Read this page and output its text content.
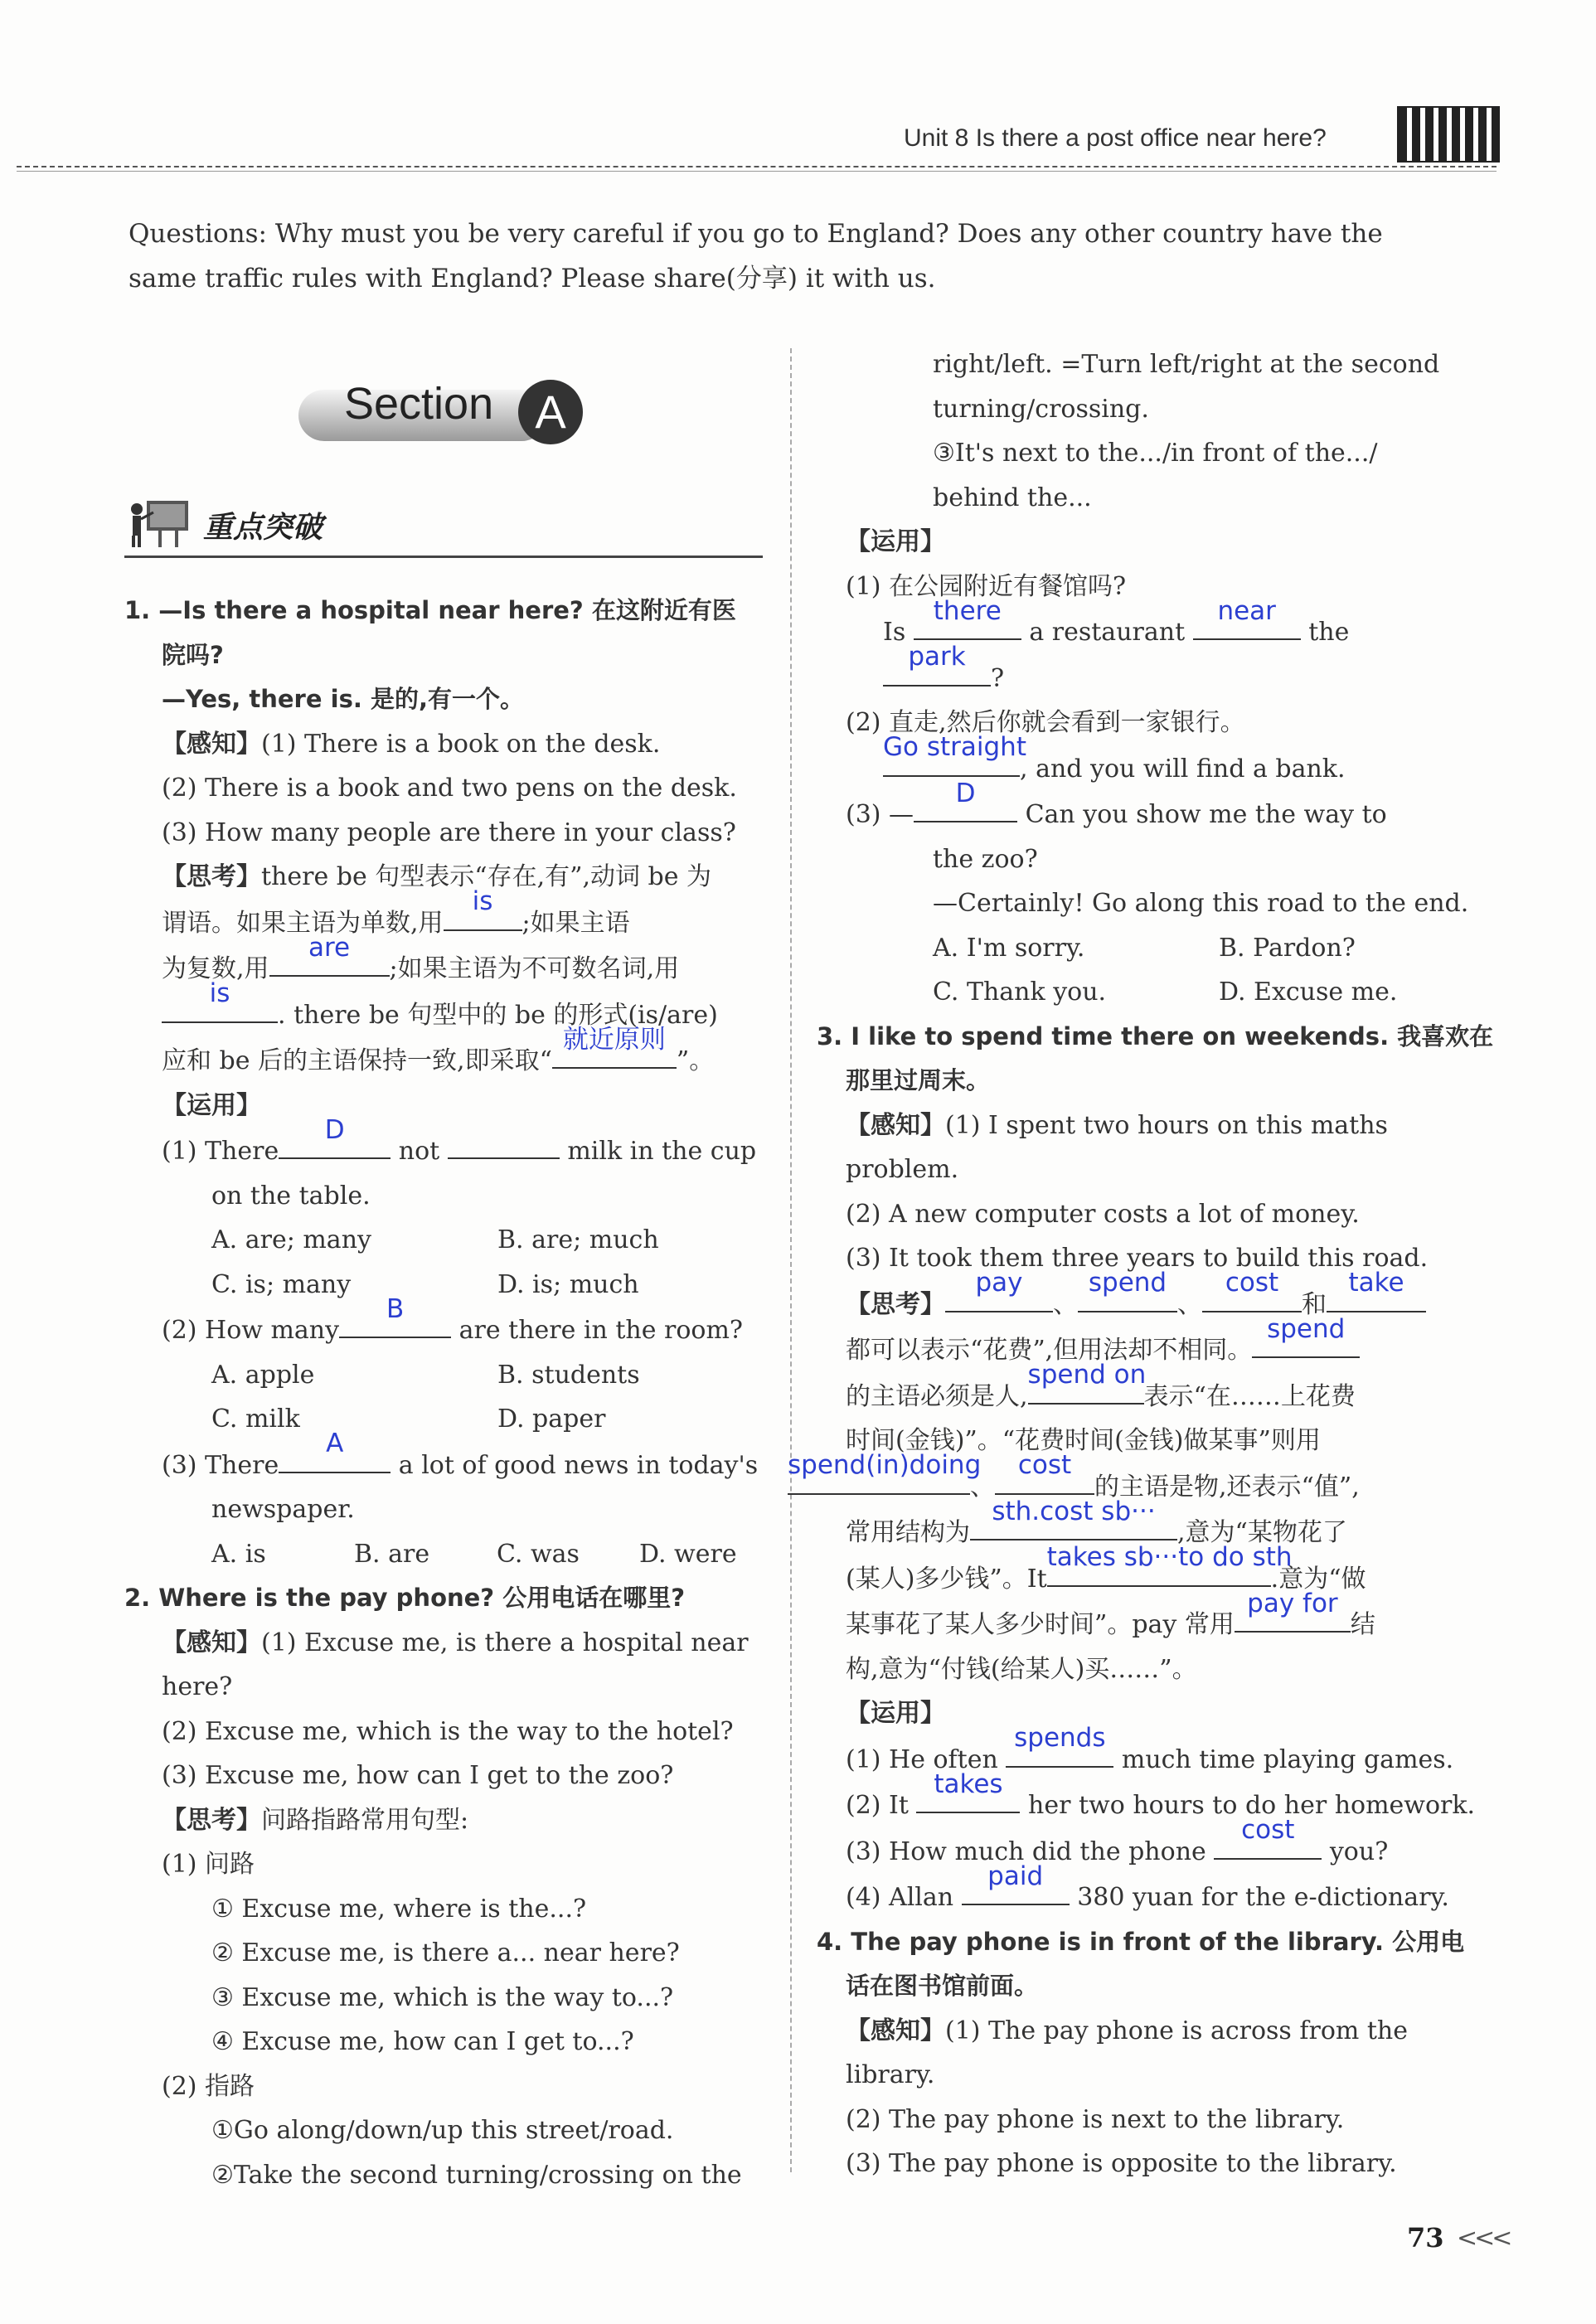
Unit 8 Is there a post office near here?
Questions: Why must you be very careful if you go to England? Does any other country have the same traffic rules with England? Please share(分享) it with us.
Section A
重点突破
1. —Is there a hospital near here? 在这附近有医
院吗?
—Yes, there is. 是的,有一个。
【感知】(1) There is a book on the desk.
(2) There is a book and two pens on the desk.
(3) How many people are there in your class?
【思考】there be 句型表示“存在,有”,动词 be 为
谓语。如果主语为单数,用
is
;如果主语
为复数,用
are
;如果主语为不可数名词,用
is
. there be 句型中的 be 的形式(is/are)
应和 be 后的主语保持一致,即采取“
就近原则
”。
【运用】
(1) There
D
not	milk in the cup
on the table.
A. are; many	B. are; much
C. is; many	D. is; much
(2) How many
B
are there in the room?
A. apple	B. students
C. milk	D. paper
(3) There
A
a lot of good news in today's
newspaper.
A. is	B. are	C. was	D. were
2. Where is the pay phone? 公用电话在哪里?
【感知】(1) Excuse me, is there a hospital near
here?
(2) Excuse me, which is the way to the hotel?
(3) Excuse me, how can I get to the zoo?
【思考】问路指路常用句型:
(1) 问路
① Excuse me, where is the...?
② Excuse me, is there a... near here?
③ Excuse me, which is the way to...?
④ Excuse me, how can I get to...?
(2) 指路
①Go along/down/up this street/road.
②Take the second turning/crossing on the
right/left. =Turn left/right at the second
turning/crossing.
③It's next to the.../in front of the.../
behind the...
【运用】
(1) 在公园附近有餐馆吗?
Is
there
a restaurant
near
the
park
?
(2) 直走,然后你就会看到一家银行。
Go straight
, and you will find a bank.
(3) —
D
Can you show me the way to
the zoo?
—Certainly! Go along this road to the end.
A. I'm sorry.	B. Pardon?
C. Thank you.	D. Excuse me.
3. I like to spend time there on weekends. 我喜欢在
那里过周末。
【感知】(1) I spent two hours on this maths
problem.
(2) A new computer costs a lot of money.
(3) It took them three years to build this road.
【思考】
pay
、
spend
、
cost
和
take
都可以表示“花费”,但用法却不相同。
spend
的主语必须是人,
spend on
表示“在……上花费
时间(金钱)”。“花费时间(金钱)做某事”则用
spend(in)doing
、
cost
的主语是物,还表示“值”,
常用结构为
sth.cost sb···
,意为“某物花了
(某人)多少钱”。It
takes sb···to do sth
.意为“做
某事花了某人多少时间”。pay 常用
pay for
结
构,意为“付钱(给某人)买……”。
【运用】
(1) He often
spends
much time playing games.
(2) It
takes
her two hours to do her homework.
(3) How much did the phone
cost
you?
(4) Allan
paid
380 yuan for the e-dictionary.
4. The pay phone is in front of the library. 公用电
话在图书馆前面。
【感知】(1) The pay phone is across from the
library.
(2) The pay phone is next to the library.
(3) The pay phone is opposite to the library.
73 <<<
